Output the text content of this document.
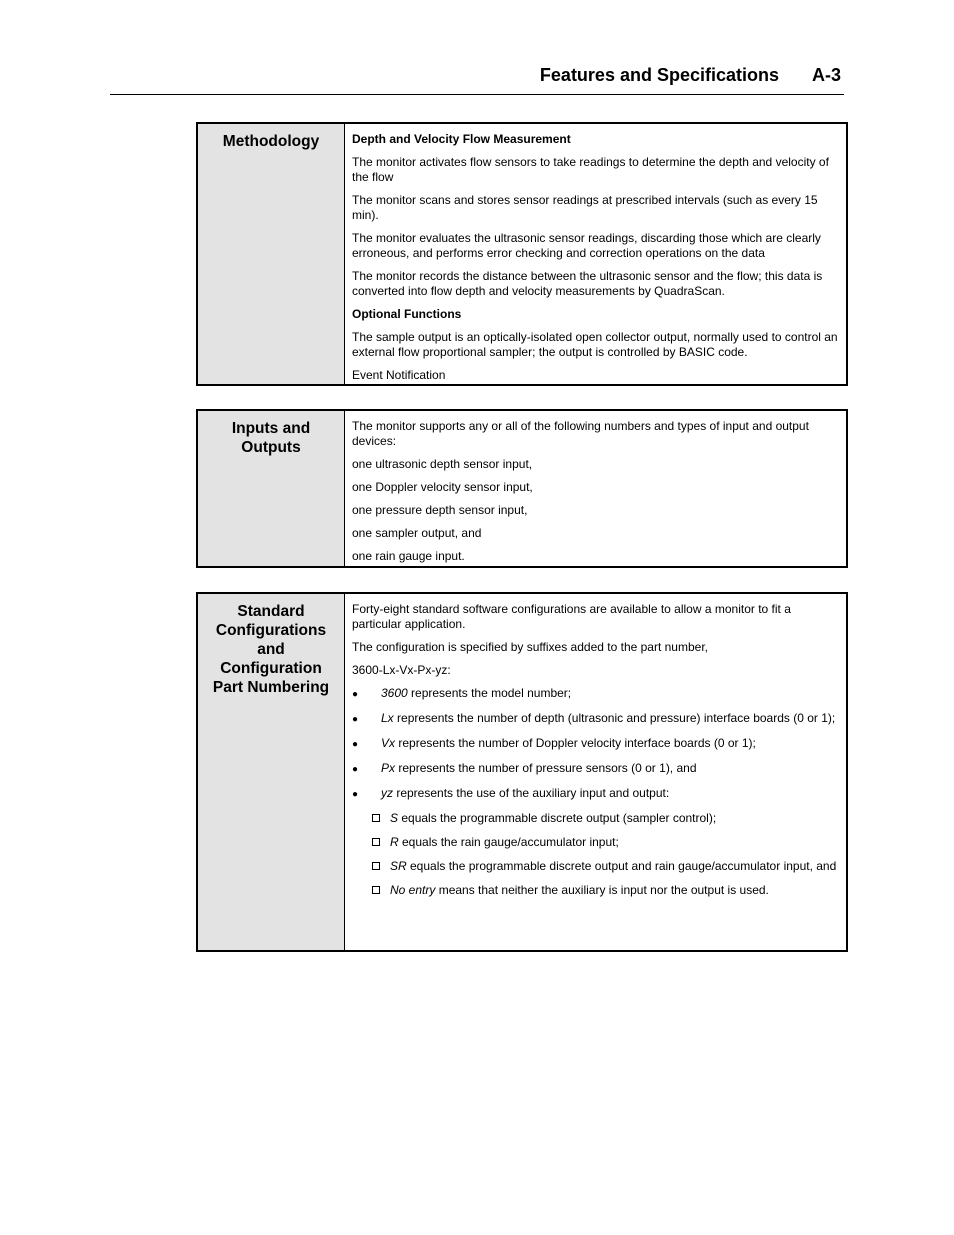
Features and Specifications A-3
Methodology	Depth and Velocity Flow Measurement

The monitor activates flow sensors to take readings to determine the depth and velocity of the flow

The monitor scans and stores sensor readings at prescribed intervals (such as every 15 min).

The monitor evaluates the ultrasonic sensor readings, discarding those which are clearly erroneous, and performs error checking and correction operations on the data

The monitor records the distance between the ultrasonic sensor and the flow; this data is converted into flow depth and velocity measurements by QuadraScan.

Optional Functions

The sample output is an optically-isolated open collector output, normally used to control an external flow proportional sampler; the output is controlled by BASIC code.

Event Notification

Inputs and
Outputs

The monitor supports any or all of the following numbers and types of input and output devices:

one ultrasonic depth sensor input,

one Doppler velocity sensor input,

one pressure depth sensor input,

one sampler output, and

one rain gauge input.

Standard
Configurations
and
Configuration
Part Numbering

Forty-eight standard software configurations are available to allow a monitor to fit a particular application.

The configuration is specified by suffixes added to the part number,

3600-Lx-Vx-Px-yz:

● 3600 represents the model number;
● Lx represents the number of depth (ultrasonic and pressure) interface boards (0 or 1);
● Vx represents the number of Doppler velocity interface boards (0 or 1);
● Px represents the number of pressure sensors (0 or 1), and
● yz represents the use of the auxiliary input and output:
S equals the programmable discrete output (sampler control);
R equals the rain gauge/accumulator input;
SR equals the programmable discrete output and rain gauge/accumulator input, and
No entry means that neither the auxiliary is input nor the output is used.
